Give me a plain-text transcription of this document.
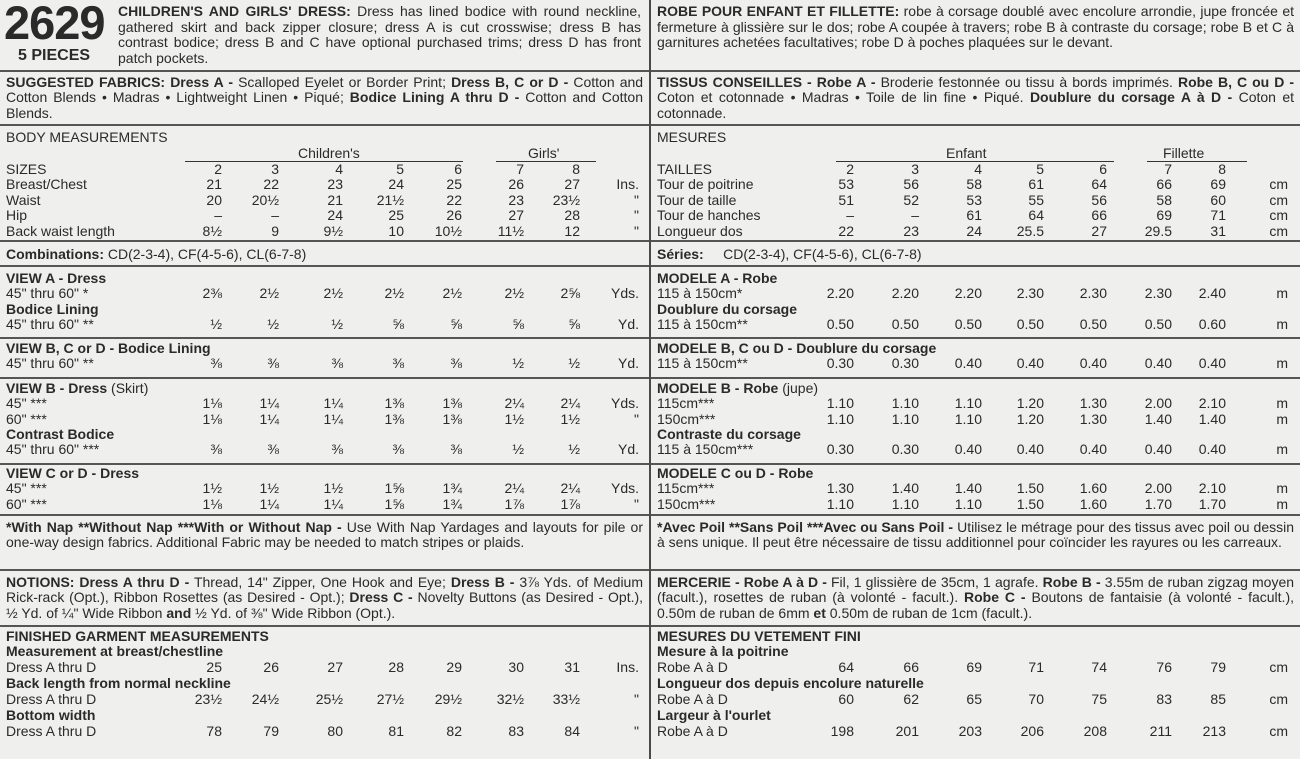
2629
5 PIECES
CHILDREN'S AND GIRLS' DRESS: Dress has lined bodice with round neckline, gathered skirt and back zipper closure; dress A is cut crosswise; dress B has contrast bodice; dress B and C have optional purchased trims; dress D has front patch pockets.
SUGGESTED FABRICS: Dress A - Scalloped Eyelet or Border Print; Dress B, C or D - Cotton and Cotton Blends • Madras • Lightweight Linen • Piqué; Bodice Lining A thru D - Cotton and Cotton Blends.
BODY MEASUREMENTS
Children's	Girls'
SIZES	2	3	4	5	6	7	8
Breast/Chest	21	22	23	24	25	26	27	Ins.
Waist	20	20½	21	21½	22	23	23½	"
Hip	–	–	24	25	26	27	28	"
Back waist length	8½	9	9½	10	10½	11½	12	"
Combinations: CD(2-3-4), CF(4-5-6), CL(6-7-8)
VIEW A - Dress
Bodice Lining
45" thru 60" *	2⅜	2½	2½	2½	2½	2½	2⅝ Yds.
45" thru 60" **	½	½	½	⅝	⅝	⅝	⅝	Yd.
VIEW B, C or D - Bodice Lining
45" thru 60" **	⅜	⅜	⅜	⅜	⅜	½	½	Yd.
VIEW B - Dress (Skirt)
Contrast Bodice
45" ***	1⅛	1¼	1¼	1⅜	1⅜	2¼	2¼ Yds.
60" ***	1⅛	1¼	1¼	1⅜	1⅜	1½	1½	"
45" thru 60" ***	⅜	⅜	⅜	⅜	⅜	½	½	Yd.
VIEW C or D - Dress
45" ***	1½	1½	1½	1⅝	1¾	2¼	2¼ Yds.
60" ***	1⅛	1¼	1¼	1⅝	1¾	1⅞	1⅞	"
*With Nap **Without Nap ***With or Without Nap - Use With Nap Yardages and layouts for pile or one-way design fabrics. Additional Fabric may be needed to match stripes or plaids.
NOTIONS: Dress A thru D - Thread, 14" Zipper, One Hook and Eye; Dress B - 3⅞ Yds. of Medium Rick-rack (Opt.), Ribbon Rosettes (as Desired - Opt.); Dress C - Novelty Buttons (as Desired - Opt.), ½ Yd. of ¼" Wide Ribbon and ½ Yd. of ⅜" Wide Ribbon (Opt.).
FINISHED GARMENT MEASUREMENTS
Measurement at breast/chestline
Dress A thru D	25	26	27	28	29	30	31	Ins.
Back length from normal neckline
Dress A thru D	23½	24½	25½	27½	29½	32½	33½	"
Bottom width
Dress A thru D	78	79	80	81	82	83	84	"
ROBE POUR ENFANT ET FILLETTE: robe à corsage doublé avec encolure arrondie, jupe froncée et fermeture à glissière sur le dos; robe A coupée à travers; robe B à contraste du corsage; robe B et C à garnitures achetées facultatives; robe D à poches plaquées sur le devant.
TISSUS CONSEILLES - Robe A - Broderie festonnée ou tissu à bords imprimés. Robe B, C ou D - Coton et cotonnade • Madras • Toile de lin fine • Piqué. Doublure du corsage A à D - Coton et cotonnade.
MESURES
Enfant	Fillette
TAILLES	2	3	4	5	6	7	8
Tour de poitrine	53	56	58	61	64	66	69	cm
Tour de taille	51	52	53	55	56	58	60	cm
Tour de hanches	–	–	61	64	66	69	71	cm
Longueur dos	22	23	24	25.5	27	29.5	31	cm
Séries: CD(2-3-4), CF(4-5-6), CL(6-7-8)
MODELE A - Robe
Doublure du corsage
115 à 150cm*	2.20	2.20	2.20	2.30	2.30	2.30	2.40	m
115 à 150cm**	0.50	0.50	0.50	0.50	0.50	0.50	0.60	m
MODELE B, C ou D - Doublure du corsage
115 à 150cm**	0.30	0.30	0.40	0.40	0.40	0.40	0.40	m
MODELE B - Robe (jupe)
Contraste du corsage
115cm***	1.10	1.10	1.10	1.20	1.30	2.00	2.10	m
150cm***	1.10	1.10	1.10	1.20	1.30	1.40	1.40	m
115 à 150cm***	0.30	0.30	0.40	0.40	0.40	0.40	0.40	m
MODELE C ou D - Robe
115cm***	1.30	1.40	1.40	1.50	1.60	2.00	2.10	m
150cm***	1.10	1.10	1.10	1.50	1.60	1.70	1.70	m
*Avec Poil **Sans Poil ***Avec ou Sans Poil - Utilisez le métrage pour des tissus avec poil ou dessin à sens unique. Il peut être nécessaire de tissu additionnel pour coïncider les rayures ou les carreaux.
MERCERIE - Robe A à D - Fil, 1 glissière de 35cm, 1 agrafe. Robe B - 3.55m de ruban zigzag moyen (facult.), rosettes de ruban (à volonté - facult.). Robe C - Boutons de fantaisie (à volonté - facult.), 0.50m de ruban de 6mm et 0.50m de ruban de 1cm (facult.).
MESURES DU VETEMENT FINI
Mesure à la poitrine
Robe A à D	64	66	69	71	74	76	79	cm
Longueur dos depuis encolure naturelle
Robe A à D	60	62	65	70	75	83	85	cm
Largeur à l'ourlet
Robe A à D	198	201	203	206	208	211	213	cm
